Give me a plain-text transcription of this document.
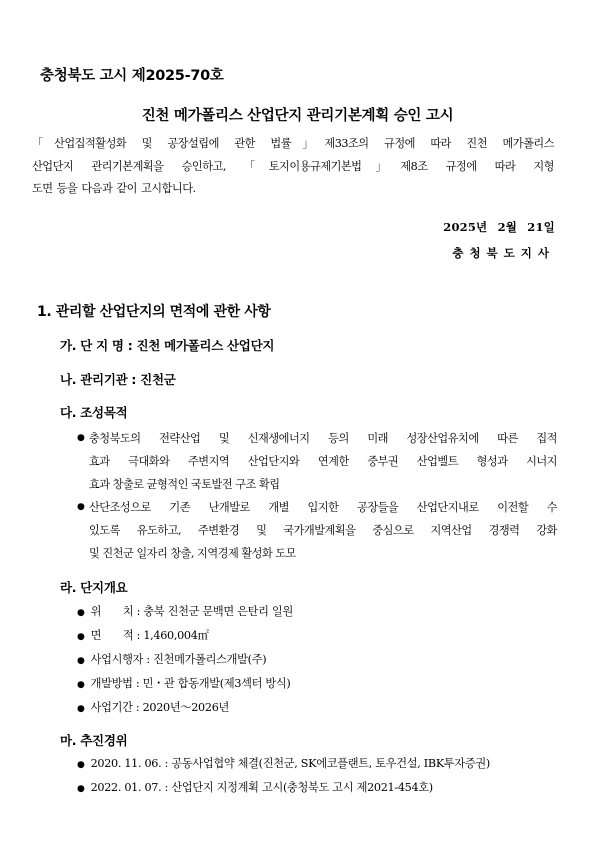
충청북도 고시 제2025-70호
진천 메가폴리스 산업단지 관리기본계획 승인 고시
「산업집적활성화 및 공장설립에 관한 법률」제33조의 규정에 따라 진천 메가폴리스
산업단지 관리기본계획을 승인하고, 「토지이용규제기본법」제8조 규정에 따라 지형
도면 등을 다음과 같이 고시합니다.
2025년 2월 21일
충청북도지사
1. 관리할 산업단지의 면적에 관한 사항
가. 단 지 명 : 진천 메가폴리스 산업단지
나. 관리기관 : 진천군
다. 조성목적
● 충청북도의 전략산업 및 신재생에너지 등의 미래 성장산업유치에 따른 집적
효과 극대화와 주변지역 산업단지와 연계한 중부권 산업벨트 형성과 시너지
효과 창출로 균형적인 국토발전 구조 확립
● 산단조성으로 기존 난개발로 개별 입지한 공장들을 산업단지내로 이전할 수
있도록 유도하고, 주변환경 및 국가개발계획을 중심으로 지역산업 경쟁력 강화
및 진천군 일자리 창출, 지역경제 활성화 도모
라. 단지개요
● 위　　치 : 충북 진천군 문백면 은탄리 일원
● 면　　적 : 1,460,004㎡
● 사업시행자 : 진천메가폴리스개발(주)
● 개발방법 : 민・관 합동개발(제3섹터 방식)
● 사업기간 : 2020년～2026년
마. 추진경위
● 2020. 11. 06. : 공동사업협약 체결(진천군, SK에코플랜트, 토우건설, IBK투자증권)
● 2022. 01. 07. : 산업단지 지정계획 고시(충청북도 고시 제2021-454호)
